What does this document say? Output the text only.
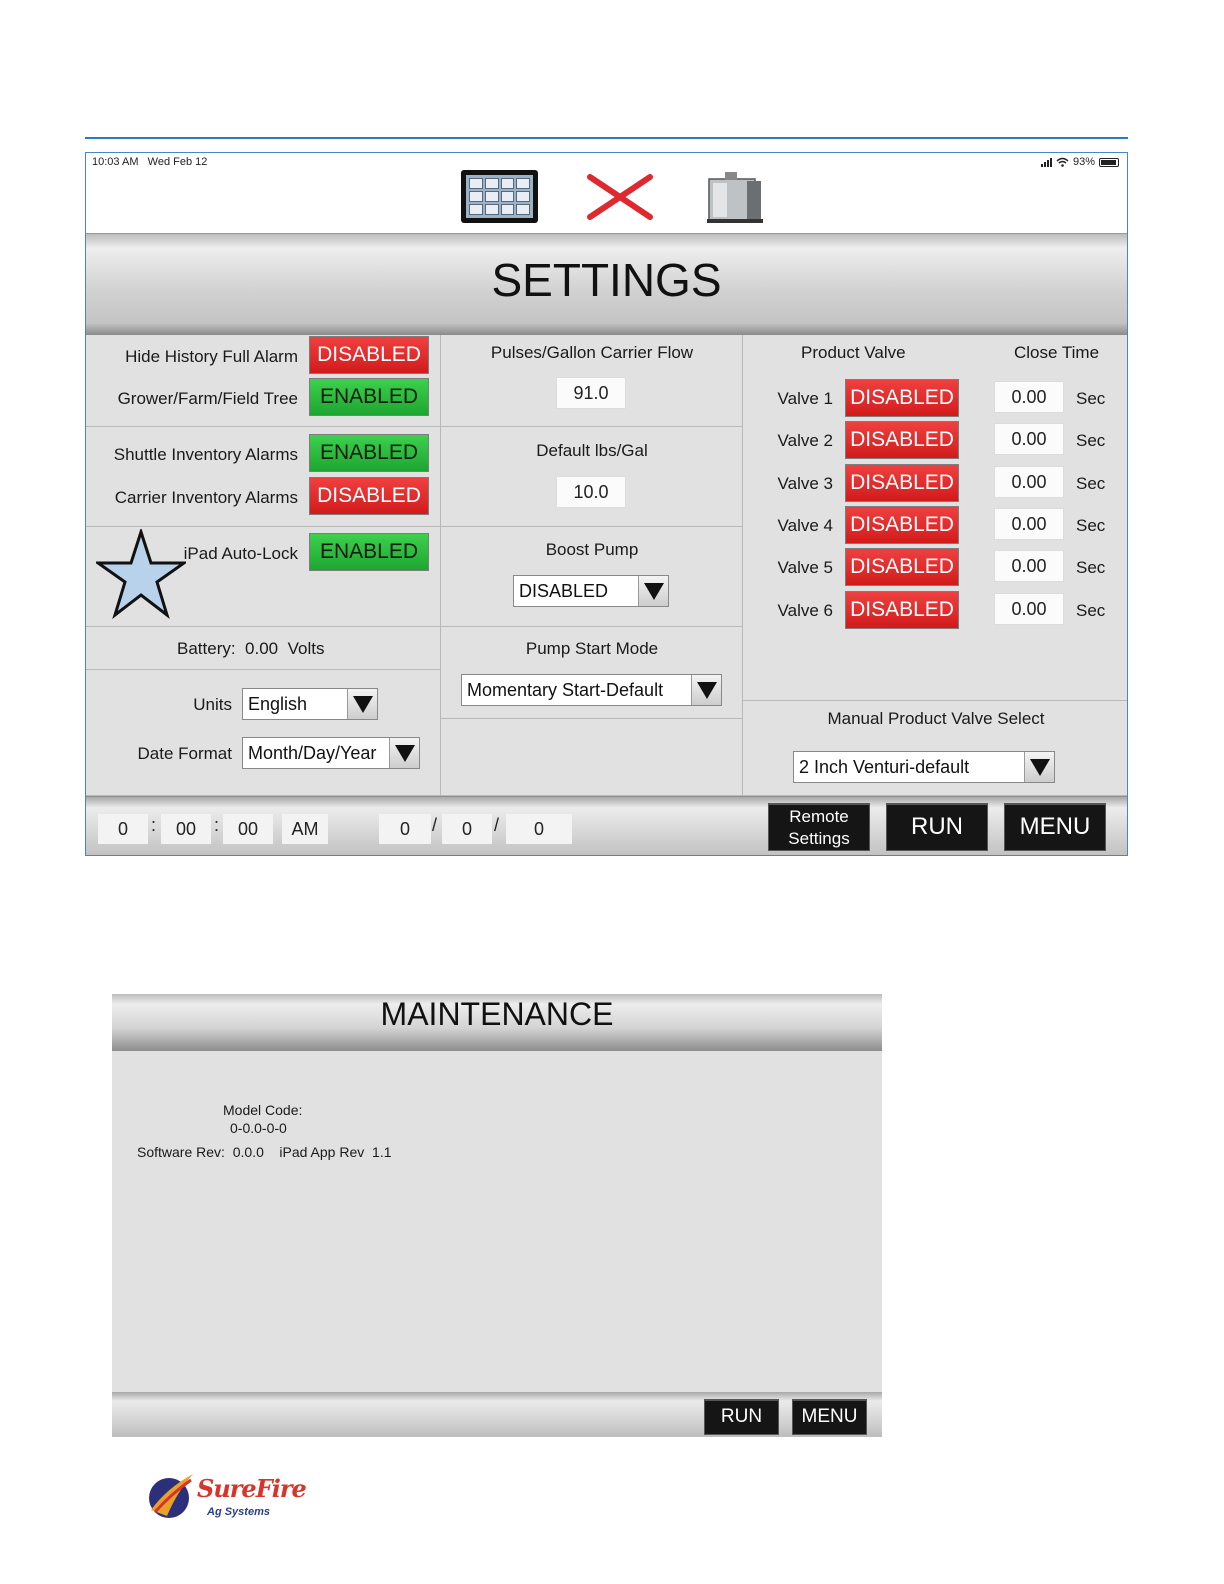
10:03 AM Wed Feb 12	93%
SETTINGS
Hide History Full Alarm DISABLED
Grower/Farm/Field Tree	ENABLED
Shuttle Inventory Alarms	ENABLED
Carrier Inventory Alarms DISABLED
iPad Auto-Lock	ENABLED
Battery: 0.00 Volts
Units English
Date Format Month/Day/Year
Pulses/Gallon Carrier Flow
91.0
Default lbs/Gal
10.0
Boost Pump
DISABLED
Pump Start Mode
Momentary Start-Default
Product Valve	Close Time
Manual Product Valve Select
2 Inch Venturi-default
0	:	00 :	00	AM	0	/	0	/	0
Remote
Settings	RUN	MENU
Valve 1 DISABLED	0.00	Sec
Valve 2 DISABLED	0.00	Sec
Valve 3 DISABLED	0.00	Sec
Valve 4 DISABLED	0.00	Sec
Valve 5 DISABLED	0.00	Sec
Valve 6 DISABLED	0.00	Sec
MAINTENANCE
Model Code:
0-0.0-0-0
Software Rev: 0.0.0 iPad App Rev 1.1
RUN	MENU
SureFire
Ag Systems
